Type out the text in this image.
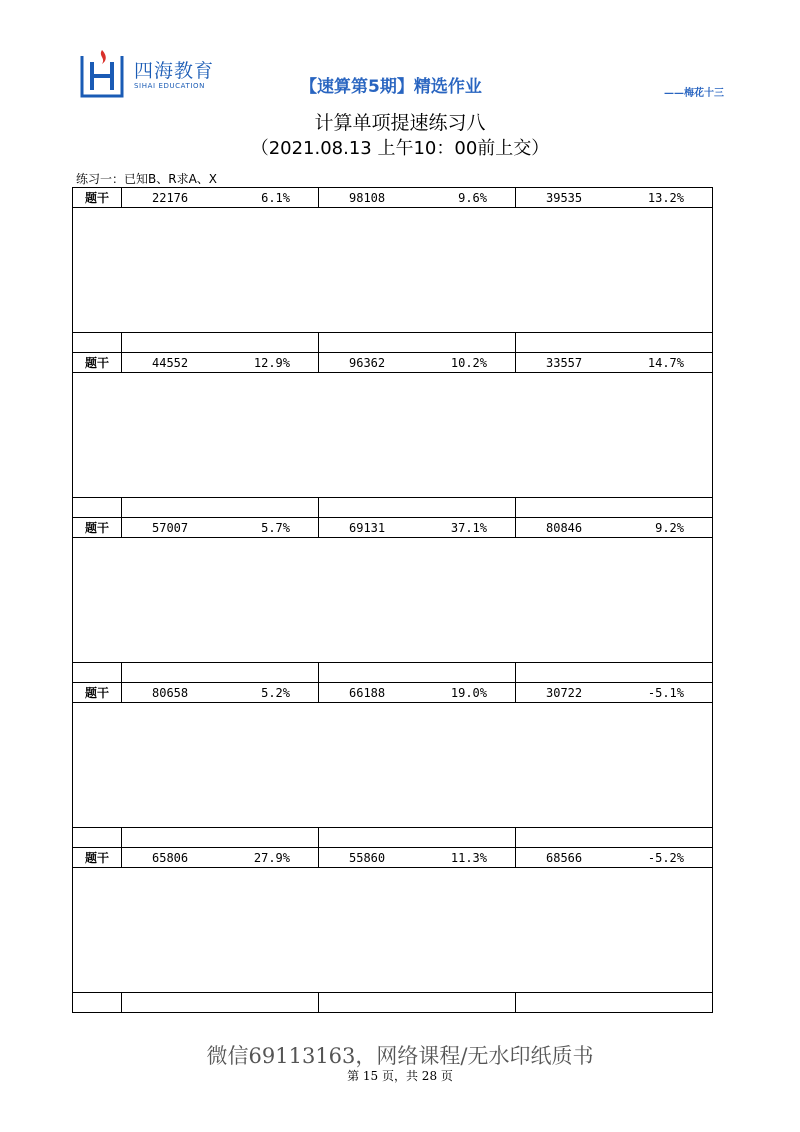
四海教育
SIHAI EDUCATION	【速算第5期】精选作业	——梅花十三
计算单项提速练习八
（2021.08.13 上午10：00前上交）
练习一：已知B、R求A、X
题干	22176 6.1%	98108 9.6%	39535 13.2%

题干	44552 12.9%	96362 10.2%	33557 14.7%

题干	57007 5.7%	69131 37.1%	80846 9.2%

题干	80658 5.2%	66188 19.0%	30722 -5.1%

题干	65806 27.9%	55860 11.3%	68566 -5.2%

微信69113163，网络课程/无水印纸质书
第 15 页，共 28 页
